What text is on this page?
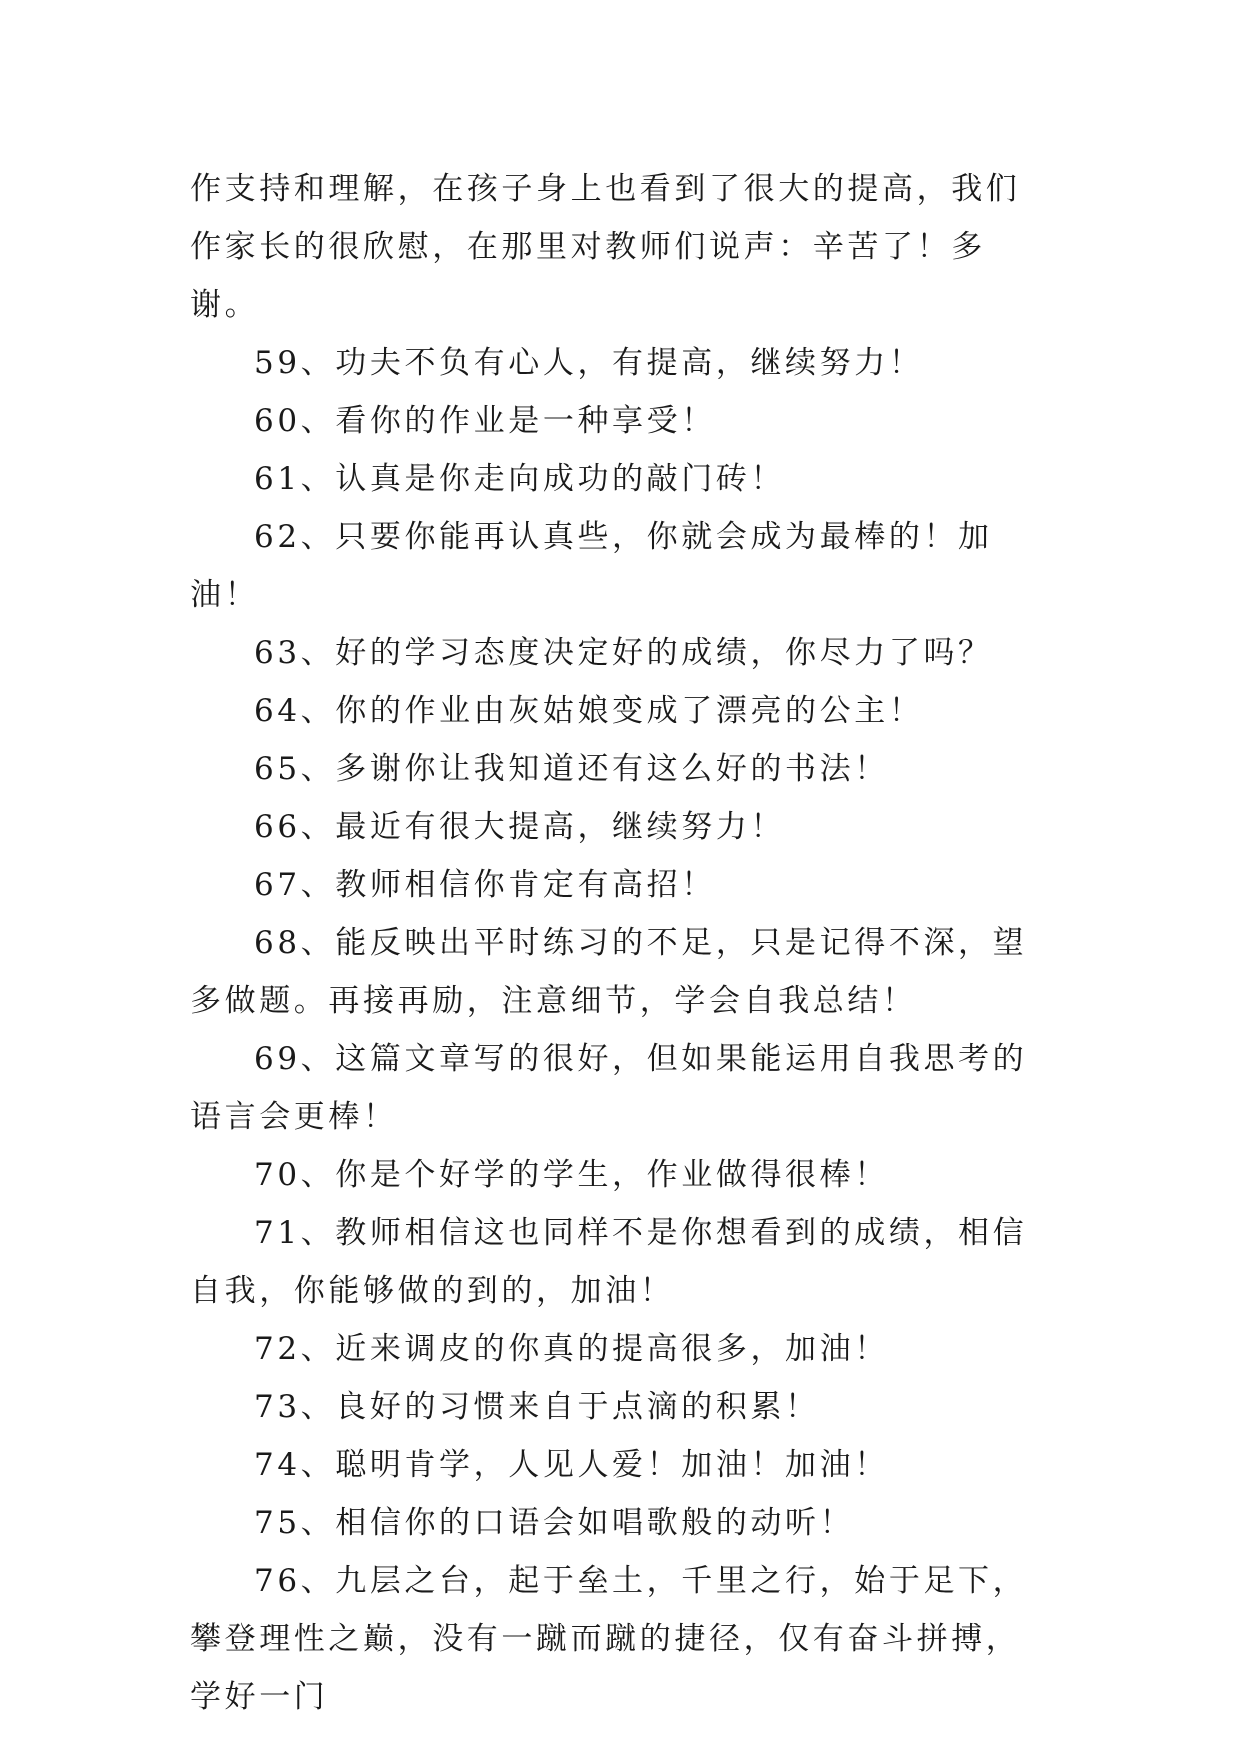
作支持和理解，在孩子身上也看到了很大的提高，我们作家长的很欣慰，在那里对教师们说声：辛苦了！多谢。

59、功夫不负有心人，有提高，继续努力！

60、看你的作业是一种享受！

61、认真是你走向成功的敲门砖！

62、只要你能再认真些，你就会成为最棒的！加油！

63、好的学习态度决定好的成绩，你尽力了吗？

64、你的作业由灰姑娘变成了漂亮的公主！

65、多谢你让我知道还有这么好的书法！

66、最近有很大提高，继续努力！

67、教师相信你肯定有高招！

68、能反映出平时练习的不足，只是记得不深，望多做题。再接再励，注意细节，学会自我总结！

69、这篇文章写的很好，但如果能运用自我思考的语言会更棒！

70、你是个好学的学生，作业做得很棒！

71、教师相信这也同样不是你想看到的成绩，相信自我，你能够做的到的，加油！

72、近来调皮的你真的提高很多，加油！

73、良好的习惯来自于点滴的积累！

74、聪明肯学，人见人爱！加油！加油！

75、相信你的口语会如唱歌般的动听！

76、九层之台，起于垒土，千里之行，始于足下，攀登理性之巅，没有一蹴而蹴的捷径，仅有奋斗拼搏，学好一门
